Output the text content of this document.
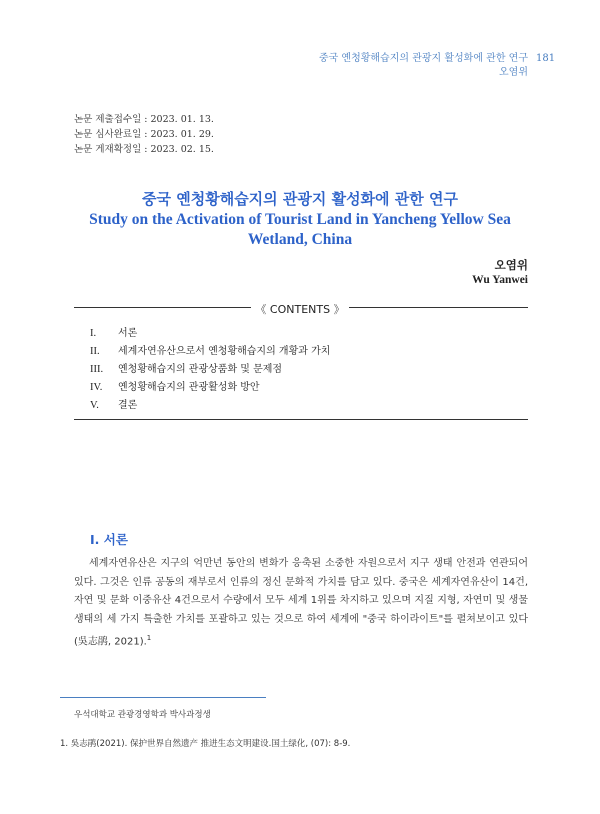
중국 옌청황해습지의 관광지 활성화에 관한 연구
오염위
181
논문 제출접수일 : 2023. 01. 13.
논문 심사완료일 : 2023. 01. 29.
논문 게재확정일 : 2023. 02. 15.
중국 옌청황해습지의 관광지 활성화에 관한 연구
Study on the Activation of Tourist Land in Yancheng Yellow Sea
Wetland, China
오염위
Wu Yanwei
《 CONTENTS 》
I.	서론
II.	세계자연유산으로서 옌청황해습지의 개황과 가치
III.	옌청황해습지의 관광상품화 및 문제점
IV.	옌청황해습지의 관광활성화 방안
V.	결론
I. 서론
세계자연유산은 지구의 억만년 동안의 변화가 응축된 소중한 자원으로서 지구 생태 안전과 연관되어 있다. 그것은 인류 공동의 재부로서 인류의 정신 문화적 가치를 담고 있다. 중국은 세계자연유산이 14건, 자연 및 문화 이중유산 4건으로서 수량에서 모두 세계 1위를 차지하고 있으며 지질 지형, 자연미 및 생물 생태의 세 가지 특출한 가치를 포괄하고 있는 것으로 하여 세계에 "중국 하이라이트"를 펼쳐보이고 있다(吳志鹃, 2021).$^1$
우석대학교 관광경영학과 박사과정생
1. 吳志鹃(2021). 保护世界自然遗产 推进生态文明建设.国土绿化, (07): 8-9.
